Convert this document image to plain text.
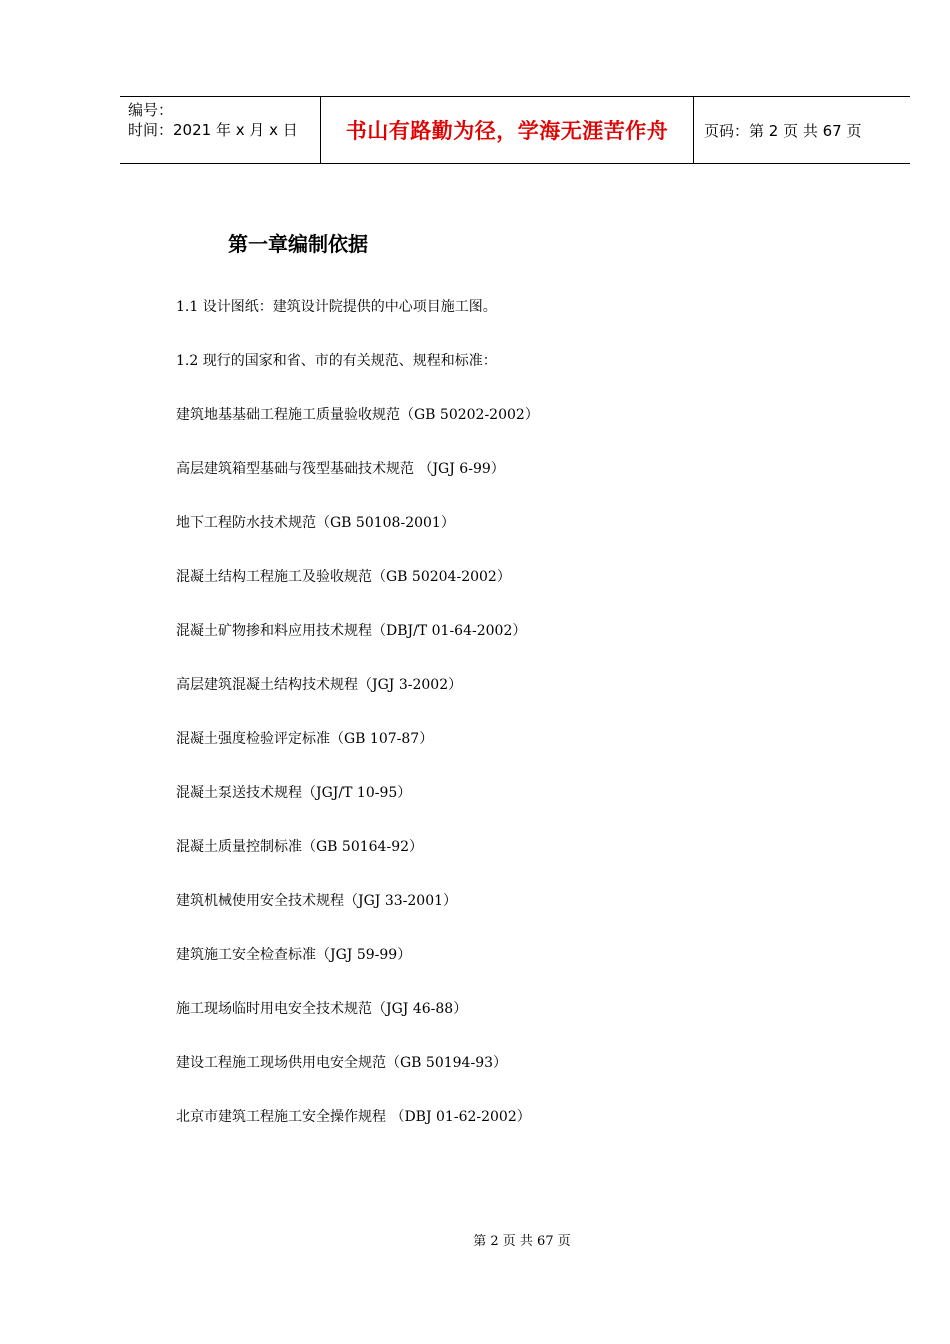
编号：
时间：2021 年 x 月 x 日	书山有路勤为径，学海无涯苦作舟	页码：第 2 页 共 67 页
第一章编制依据
1.1 设计图纸：建筑设计院提供的中心项目施工图。
1.2 现行的国家和省、市的有关规范、规程和标准：
建筑地基基础工程施工质量验收规范（GB 50202-2002）
高层建筑箱型基础与筏型基础技术规范 （JGJ 6-99）
地下工程防水技术规范（GB 50108-2001）
混凝土结构工程施工及验收规范（GB 50204-2002）
混凝土矿物掺和料应用技术规程（DBJ/T 01-64-2002）
高层建筑混凝土结构技术规程（JGJ 3-2002）
混凝土强度检验评定标准（GB 107-87）
混凝土泵送技术规程（JGJ/T 10-95）
混凝土质量控制标准（GB 50164-92）
建筑机械使用安全技术规程（JGJ 33-2001）
建筑施工安全检查标准（JGJ 59-99）
施工现场临时用电安全技术规范（JGJ 46-88）
建设工程施工现场供用电安全规范（GB 50194-93）
北京市建筑工程施工安全操作规程 （DBJ 01-62-2002）
第 2 页 共 67 页
